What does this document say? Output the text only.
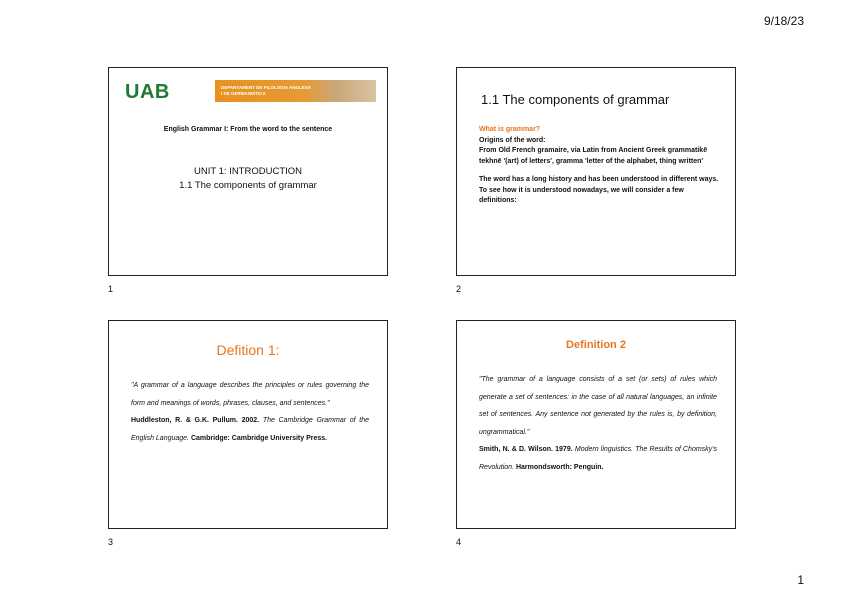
9/18/23
UAB	DEPARTAMENT DE FILOLOGIA ANGLESA
I DE GERMANÍSTICA
English Grammar I: From the word to the sentence
UNIT 1: INTRODUCTION
1.1 The components of grammar
1
1.1 The components of grammar

What is grammar?

Origins of the word:

From Old French gramaire, via Latin from Ancient Greek grammatikē

tekhnē '(art) of letters', gramma 'letter of the alphabet, thing written'

The word has a long history and has been understood in different ways.

To see how it is understood nowadays, we will consider a few definitions:

2
Defition 1:

"A grammar of a language describes the principles or rules governing the form and meanings of words, phrases, clauses, and sentences."

Huddleston, R. & G.K. Pullum. 2002. The Cambridge Grammar of the English Language. Cambridge: Cambridge University Press.

3
Definition 2

"The grammar of a language consists of a set (or sets) of rules which generate a set of sentences: in the case of all natural languages, an infinite set of sentences. Any sentence not generated by the rules is, by definition, ungrammatical."

Smith, N. & D. Wilson. 1979. Modern linguistics. The Results of Chomsky's Revolution. Harmondsworth: Penguin.

4
1
